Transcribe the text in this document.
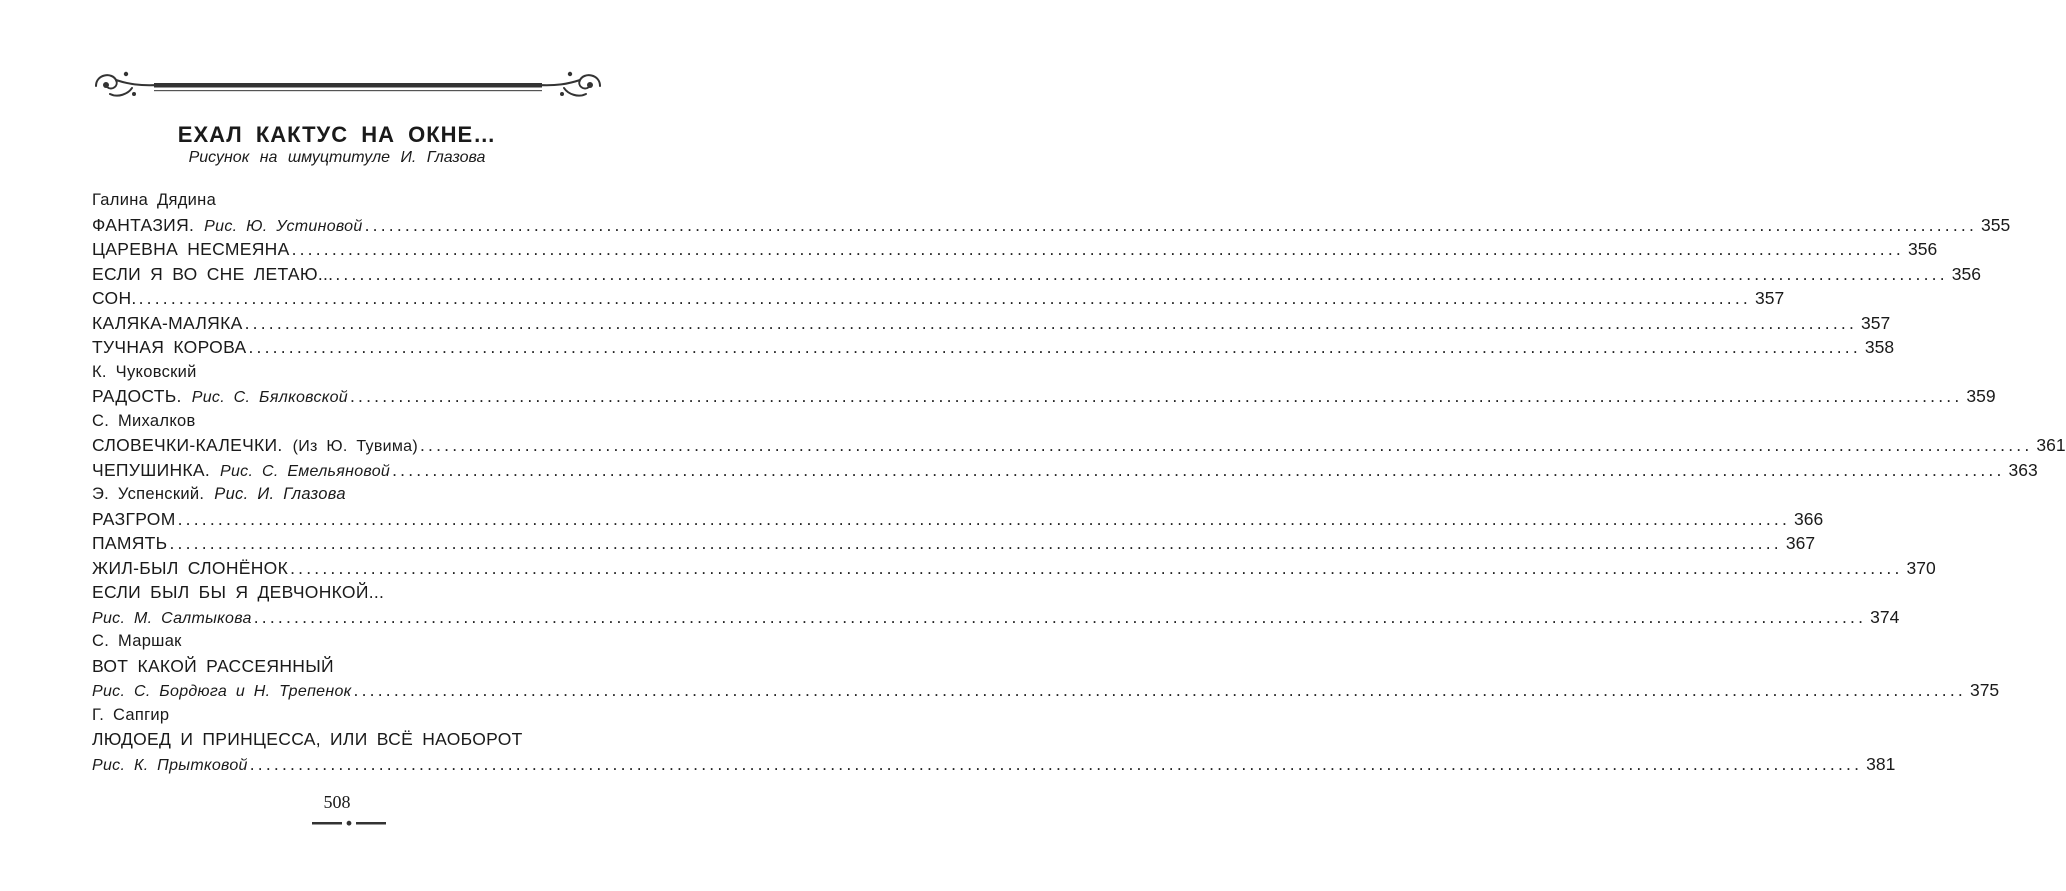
ЕХАЛ КАКТУС НА ОКНЕ…
Рисунок на шмуцтитуле И. Глазова
Галина Дядина
ФАНТАЗИЯ. Рис. Ю. Устиновой ........................................................................................................................................................................................................ 355
ЦАРЕВНА НЕСМЕЯНА ........................................................................................................................................................................................................ 356
ЕСЛИ Я ВО СНЕ ЛЕТАЮ... ........................................................................................................................................................................................................ 356
СОН. ........................................................................................................................................................................................................ 357
КАЛЯКА-МАЛЯКА ........................................................................................................................................................................................................ 357
ТУЧНАЯ КОРОВА ........................................................................................................................................................................................................ 358
К. Чуковский
РАДОСТЬ. Рис. С. Бялковской ........................................................................................................................................................................................................ 359
С. Михалков
СЛОВЕЧКИ-КАЛЕЧКИ. (Из Ю. Тувима) ........................................................................................................................................................................................................ 361
ЧЕПУШИНКА. Рис. С. Емельяновой ........................................................................................................................................................................................................ 363
Э. Успенский. Рис. И. Глазова
РАЗГРОМ ........................................................................................................................................................................................................ 366
ПАМЯТЬ ........................................................................................................................................................................................................ 367
ЖИЛ-БЫЛ СЛОНЁНОК ........................................................................................................................................................................................................ 370
ЕСЛИ БЫЛ БЫ Я ДЕВЧОНКОЙ...
Рис. М. Салтыкова ........................................................................................................................................................................................................ 374
С. Маршак
ВОТ КАКОЙ РАССЕЯННЫЙ
Рис. С. Бордюга и Н. Трепенок ........................................................................................................................................................................................................ 375
Г. Сапгир
ЛЮДОЕД И ПРИНЦЕССА, ИЛИ ВСЁ НАОБОРОТ
Рис. К. Прытковой ........................................................................................................................................................................................................ 381
508
